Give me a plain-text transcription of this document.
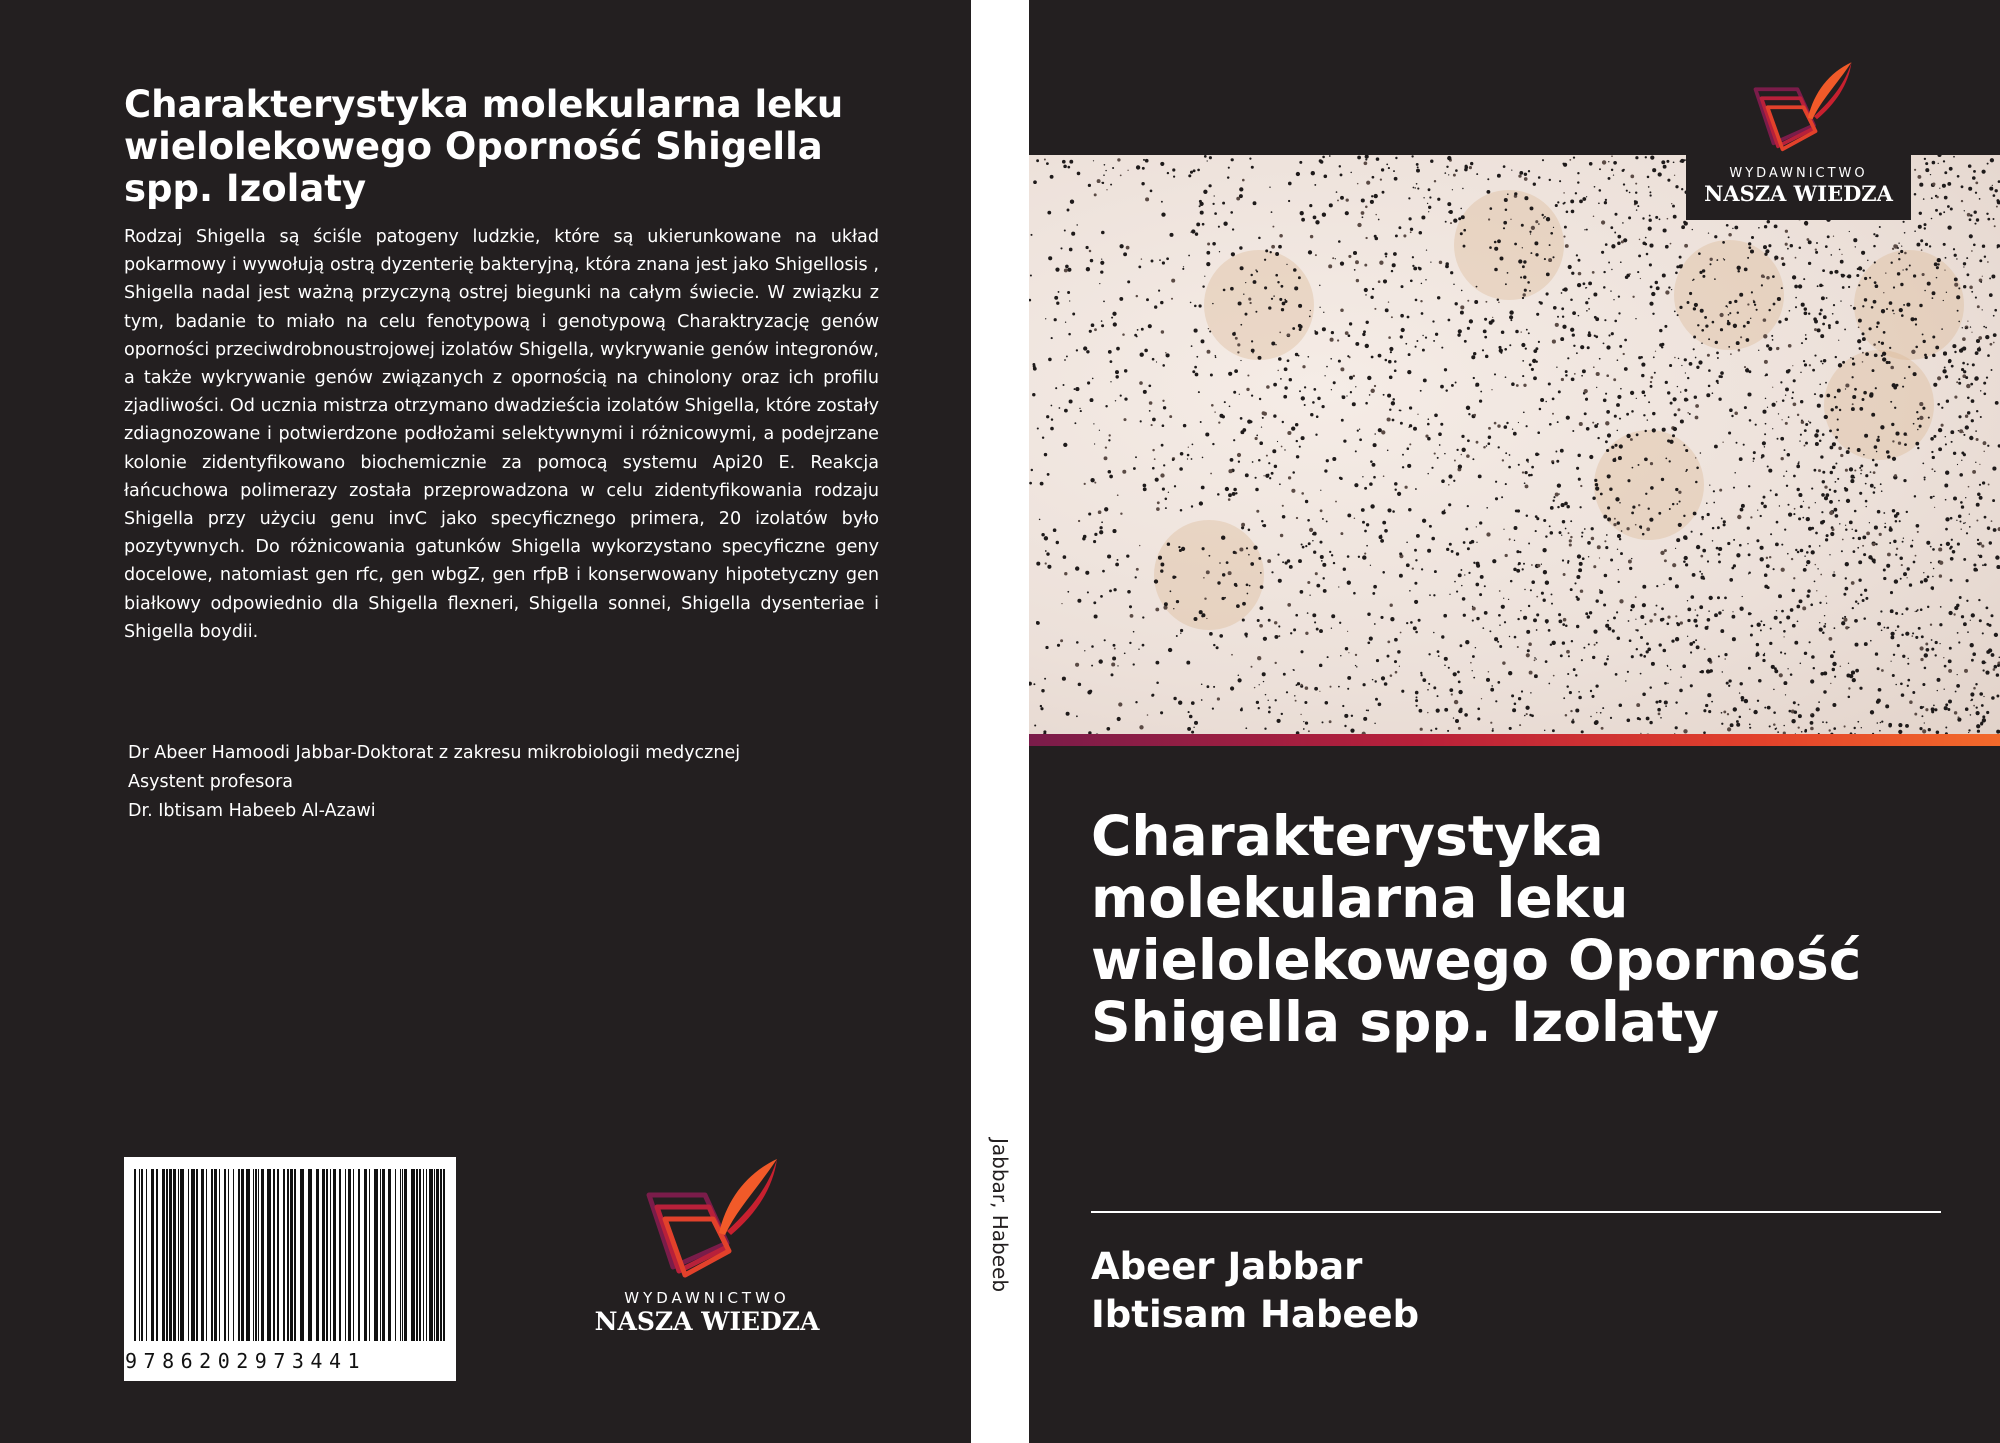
Charakterystyka molekularna leku wielolekowego Oporność Shigella spp. Izolaty

Rodzaj Shigella są ściśle patogeny ludzkie, które są ukierunkowane na układ pokarmowy i wywołują ostrą dyzenterię bakteryjną, która znana jest jako Shigellosis , Shigella nadal jest ważną przyczyną ostrej biegunki na całym świecie. W związku z tym, badanie to miało na celu fenotypową i genotypową Charaktryzację genów oporności przeciwdrobnoustrojowej izolatów Shigella, wykrywanie genów integronów, a także wykrywanie genów związanych z opornością na chinolony oraz ich profilu zjadliwości. Od ucznia mistrza otrzymano dwadzieścia izolatów Shigella, które zostały zdiagnozowane i potwierdzone podłożami selektywnymi i różnicowymi, a podejrzane kolonie zidentyfikowano biochemicznie za pomocą systemu Api20 E. Reakcja łańcuchowa polimerazy została przeprowadzona w celu zidentyfikowania rodzaju Shigella przy użyciu genu invC jako specyficznego primera, 20 izolatów było pozytywnych. Do różnicowania gatunków Shigella wykorzystano specyficzne geny docelowe, natomiast gen rfc, gen wbgZ, gen rfpB i konserwowany hipotetyczny gen białkowy odpowiednio dla Shigella flexneri, Shigella sonnei, Shigella dysenteriae i Shigella boydii.

Dr Abeer Hamoodi Jabbar-Doktorat z zakresu mikrobiologii medycznej
Asystent profesora
Dr. Ibtisam Habeeb Al-Azawi
9786202973441
WYDAWNICTWO
NASZA WIEDZA
Jabbar, Habeeb
WYDAWNICTWO
NASZA WIEDZA
Charakterystyka molekularna leku wielolekowego Oporność Shigella spp. Izolaty
Abeer Jabbar
Ibtisam Habeeb
